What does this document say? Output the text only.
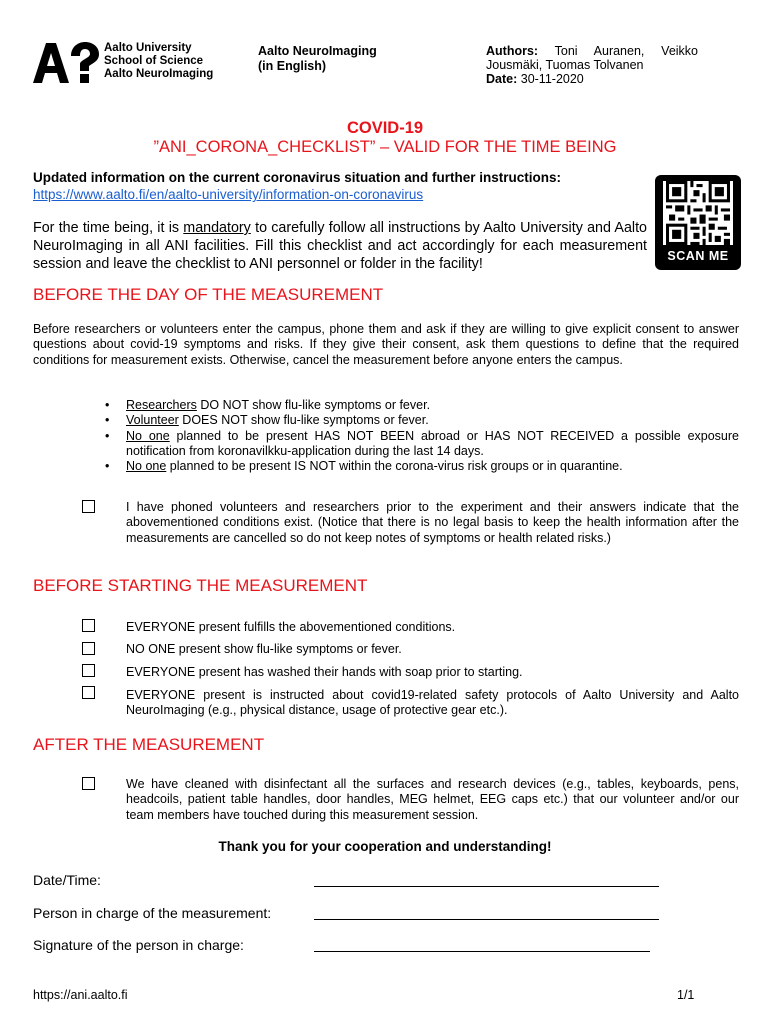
Aalto University
School of Science
Aalto NeuroImaging
Aalto NeuroImaging
(in English)
Authors: Toni Auranen, Veikko
Jousmäki, Tuomas Tolvanen
Date: 30-11-2020
COVID-19
”ANI_CORONA_CHECKLIST” – VALID FOR THE TIME BEING
Updated information on the current coronavirus situation and further instructions:
https://www.aalto.fi/en/aalto-university/information-on-coronavirus
For the time being, it is mandatory to carefully follow all instructions by Aalto University and Aalto NeuroImaging in all ANI facilities. Fill this checklist and act accordingly for each measurement session and leave the checklist to ANI personnel or folder in the facility!	SCAN ME
BEFORE THE DAY OF THE MEASUREMENT
Before researchers or volunteers enter the campus, phone them and ask if they are willing to give explicit consent to answer questions about covid-19 symptoms and risks. If they give their consent, ask them questions to define that the required conditions for measurement exists. Otherwise, cancel the measurement before anyone enters the campus.
• Researchers DO NOT show flu-like symptoms or fever.
• Volunteer DOES NOT show flu-like symptoms or fever.
• No one planned to be present HAS NOT BEEN abroad or HAS NOT RECEIVED a possible exposure notification from koronavilkku-application during the last 14 days.
• No one planned to be present IS NOT within the corona-virus risk groups or in quarantine.
I have phoned volunteers and researchers prior to the experiment and their answers indicate that the abovementioned conditions exist. (Notice that there is no legal basis to keep the health information after the measurements are cancelled so do not keep notes of symptoms or health related risks.)
BEFORE STARTING THE MEASUREMENT
EVERYONE present fulfills the abovementioned conditions.
NO ONE present show flu-like symptoms or fever.
EVERYONE present has washed their hands with soap prior to starting.
EVERYONE present is instructed about covid19-related safety protocols of Aalto University and Aalto NeuroImaging (e.g., physical distance, usage of protective gear etc.).
AFTER THE MEASUREMENT
We have cleaned with disinfectant all the surfaces and research devices (e.g., tables, keyboards, pens, headcoils, patient table handles, door handles, MEG helmet, EEG caps etc.) that our volunteer and/or our team members have touched during this measurement session.
Thank you for your cooperation and understanding!
Date/Time:
Person in charge of the measurement:
Signature of the person in charge:
https://ani.aalto.fi	1/1
